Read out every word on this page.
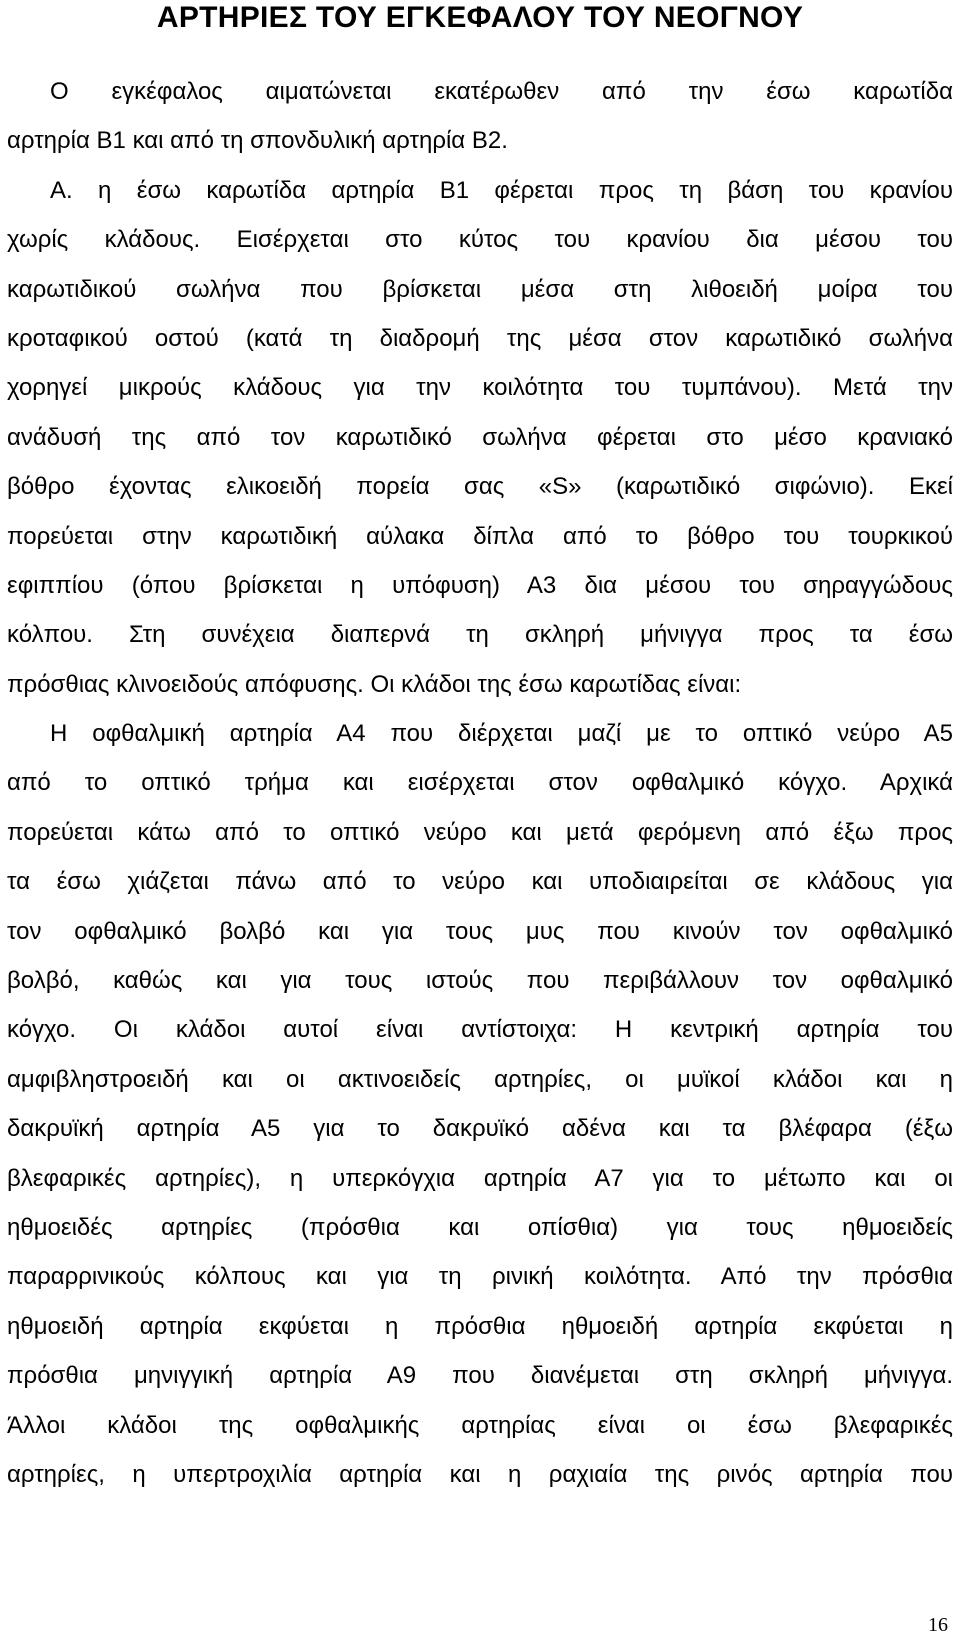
ΑΡΤΗΡΙΕΣ ΤΟΥ ΕΓΚΕΦΑΛΟΥ ΤΟΥ ΝΕΟΓΝΟΥ
Ο εγκέφαλος αιματώνεται εκατέρωθεν από την έσω καρωτίδα
αρτηρία Β1 και από τη σπονδυλική αρτηρία Β2.
Α. η έσω καρωτίδα αρτηρία Β1 φέρεται προς τη βάση του κρανίου
χωρίς κλάδους. Εισέρχεται στο κύτος του κρανίου δια μέσου του
καρωτιδικού σωλήνα που βρίσκεται μέσα στη λιθοειδή μοίρα του
κροταφικού οστού (κατά τη διαδρομή της μέσα στον καρωτιδικό σωλήνα
χορηγεί μικρούς κλάδους για την κοιλότητα του τυμπάνου). Μετά την
ανάδυσή της από τον καρωτιδικό σωλήνα φέρεται στο μέσο κρανιακό
βόθρο έχοντας ελικοειδή πορεία σας «S» (καρωτιδικό σιφώνιο). Εκεί
πορεύεται στην καρωτιδική αύλακα δίπλα από το βόθρο του τουρκικού
εφιππίου (όπου βρίσκεται η υπόφυση) Α3 δια μέσου του σηραγγώδους
κόλπου. Στη συνέχεια διαπερνά τη σκληρή μήνιγγα προς τα έσω
πρόσθιας κλινοειδούς απόφυσης. Οι κλάδοι της έσω καρωτίδας είναι:
Η οφθαλμική αρτηρία Α4 που διέρχεται μαζί με το οπτικό νεύρο Α5
από το οπτικό τρήμα και εισέρχεται στον οφθαλμικό κόγχο. Αρχικά
πορεύεται κάτω από το οπτικό νεύρο και μετά φερόμενη από έξω προς
τα έσω χιάζεται πάνω από το νεύρο και υποδιαιρείται σε κλάδους για
τον οφθαλμικό βολβό και για τους μυς που κινούν τον οφθαλμικό
βολβό, καθώς και για τους ιστούς που περιβάλλουν τον οφθαλμικό
κόγχο. Οι κλάδοι αυτοί είναι αντίστοιχα: Η κεντρική αρτηρία του
αμφιβληστροειδή και οι ακτινοειδείς αρτηρίες, οι μυϊκοί κλάδοι και η
δακρυϊκή αρτηρία Α5 για το δακρυϊκό αδένα και τα βλέφαρα (έξω
βλεφαρικές αρτηρίες), η υπερκόγχια αρτηρία Α7 για το μέτωπο και οι
ηθμοειδές αρτηρίες (πρόσθια και οπίσθια) για τους ηθμοειδείς
παραρρινικούς κόλπους και για τη ρινική κοιλότητα. Από την πρόσθια
ηθμοειδή αρτηρία εκφύεται η πρόσθια ηθμοειδή αρτηρία εκφύεται η
πρόσθια μηνιγγική αρτηρία Α9 που διανέμεται στη σκληρή μήνιγγα.
Άλλοι κλάδοι της οφθαλμικής αρτηρίας είναι οι έσω βλεφαρικές
αρτηρίες, η υπερτροχιλία αρτηρία και η ραχιαία της ρινός αρτηρία που
16
